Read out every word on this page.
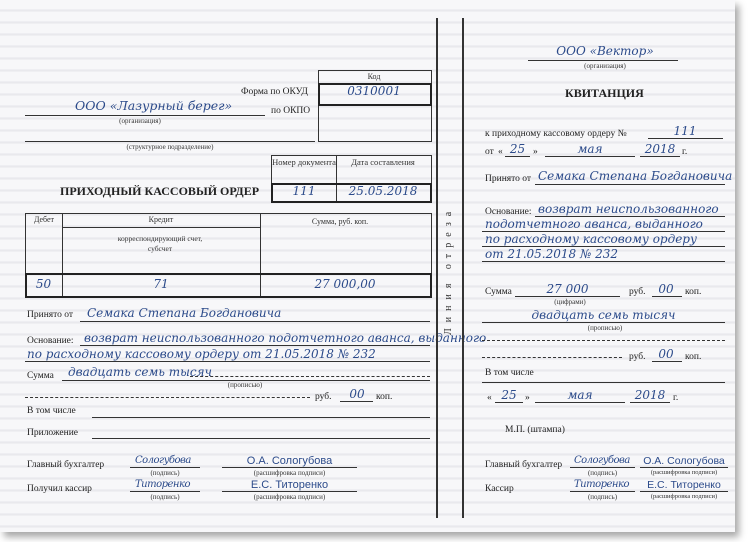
Код
0310001
Форма по ОКУД
по ОКПО
ООО «Лазурный берег»
(организация)
(структурное подразделение)
Номер документа	Дата составления
111	25.05.2018
ПРИХОДНЫЙ КАССОВЫЙ ОРДЕР
Дебет	Кредит
корреспондирующий счет, субсчет
Сумма, руб. коп.
50	71	27 000,00
Принято от Семака Степана Богдановича
Основание: возврат неиспользованного подотчетного аванса, выданного
по расходному кассовому ордеру от 21.05.2018 № 232
Сумма двадцать семь тысяч
(прописью)
руб.	00	коп.
В том числе
Приложение
Главный бухгалтер	Сологубова
(подпись)
О.А. Сологубова
(расшифровка подписи)
Получил кассир	Титоренко
(подпись)
Е.С. Титоренко
(расшифровка подписи)
Линия отреза
ООО «Вектор»
(организация)
КВИТАНЦИЯ
к приходному кассовому ордеру №	111
от « 25 »	мая	2018 г.
Принято от Семака Степана Богдановича
Основание: возврат неиспользованного
подотчетного аванса, выданного
по расходному кассовому ордеру
от 21.05.2018 № 232
Сумма	27 000
(цифрами)
руб.	00	коп.
двадцать семь тысяч
(прописью)
руб.	00	коп.
В том числе
« 25 »	мая	2018 г.
М.П. (штампа)
Главный бухгалтер Сологубова
(подпись)
О.А. Сологубова
(расшифровка подписи)
Кассир	Титоренко
(подпись)
Е.С. Титоренко
(расшифровка подписи)
